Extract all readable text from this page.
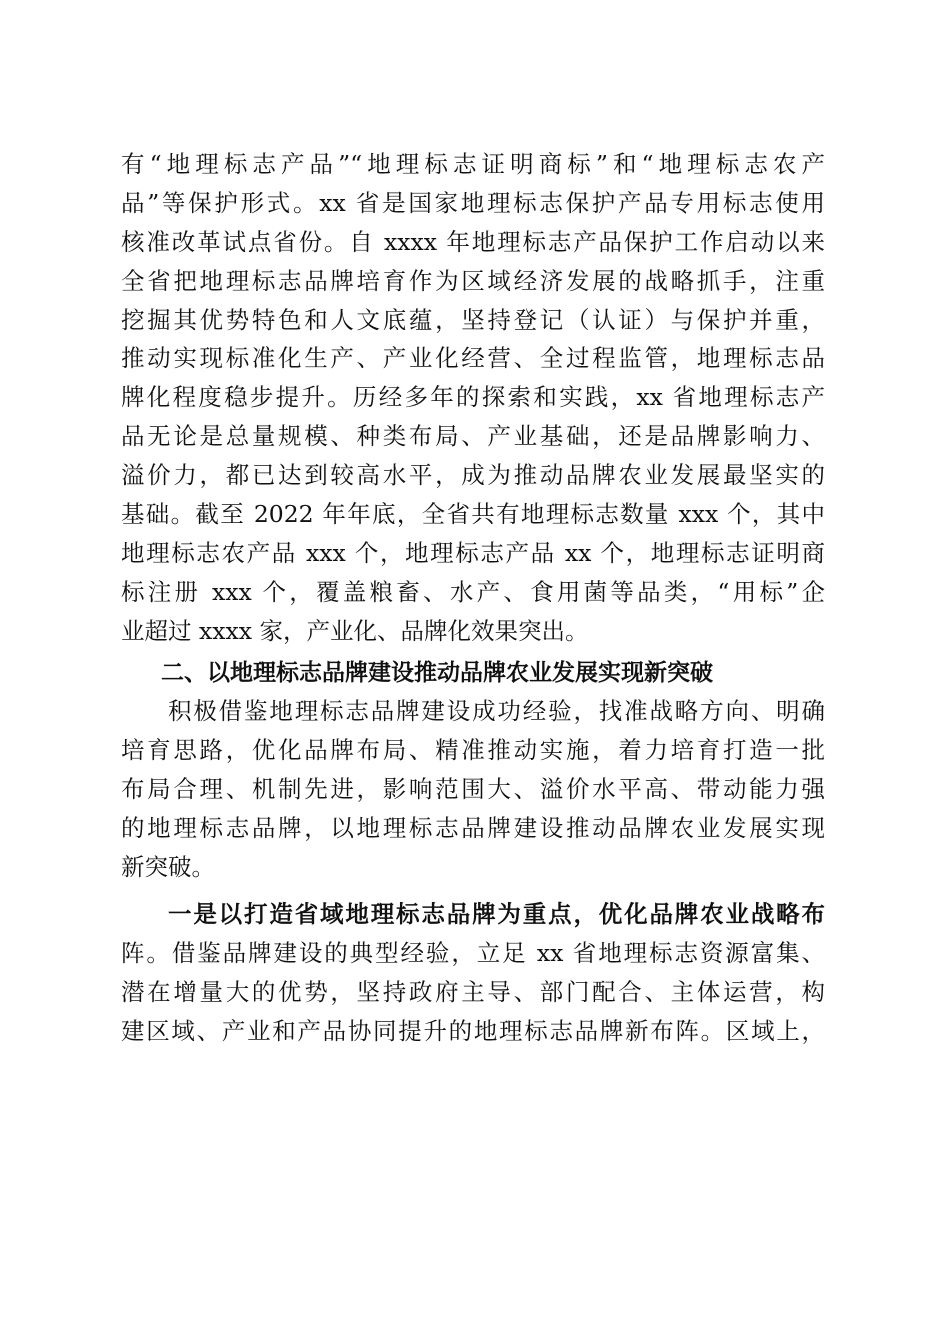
有“地理标志产品”“地理标志证明商标”和“地理标志农产
品”等保护形式。xx 省是国家地理标志保护产品专用标志使用
核准改革试点省份。自 xxxx 年地理标志产品保护工作启动以来
全省把地理标志品牌培育作为区域经济发展的战略抓手，注重
挖掘其优势特色和人文底蕴，坚持登记（认证）与保护并重，
推动实现标准化生产、产业化经营、全过程监管，地理标志品
牌化程度稳步提升。历经多年的探索和实践，xx 省地理标志产
品无论是总量规模、种类布局、产业基础，还是品牌影响力、
溢价力，都已达到较高水平，成为推动品牌农业发展最坚实的
基础。截至 2022 年年底，全省共有地理标志数量 xxx 个，其中
地理标志农产品 xxx 个，地理标志产品 xx 个，地理标志证明商
标注册 xxx 个，覆盖粮畜、水产、食用菌等品类，“用标”企
业超过 xxxx 家，产业化、品牌化效果突出。
二、以地理标志品牌建设推动品牌农业发展实现新突破
积极借鉴地理标志品牌建设成功经验，找准战略方向、明确
培育思路，优化品牌布局、精准推动实施，着力培育打造一批
布局合理、机制先进，影响范围大、溢价水平高、带动能力强
的地理标志品牌，以地理标志品牌建设推动品牌农业发展实现
新突破。
一是以打造省域地理标志品牌为重点，优化品牌农业战略布
阵。借鉴品牌建设的典型经验，立足 xx 省地理标志资源富集、
潜在增量大的优势，坚持政府主导、部门配合、主体运营，构
建区域、产业和产品协同提升的地理标志品牌新布阵。区域上，
